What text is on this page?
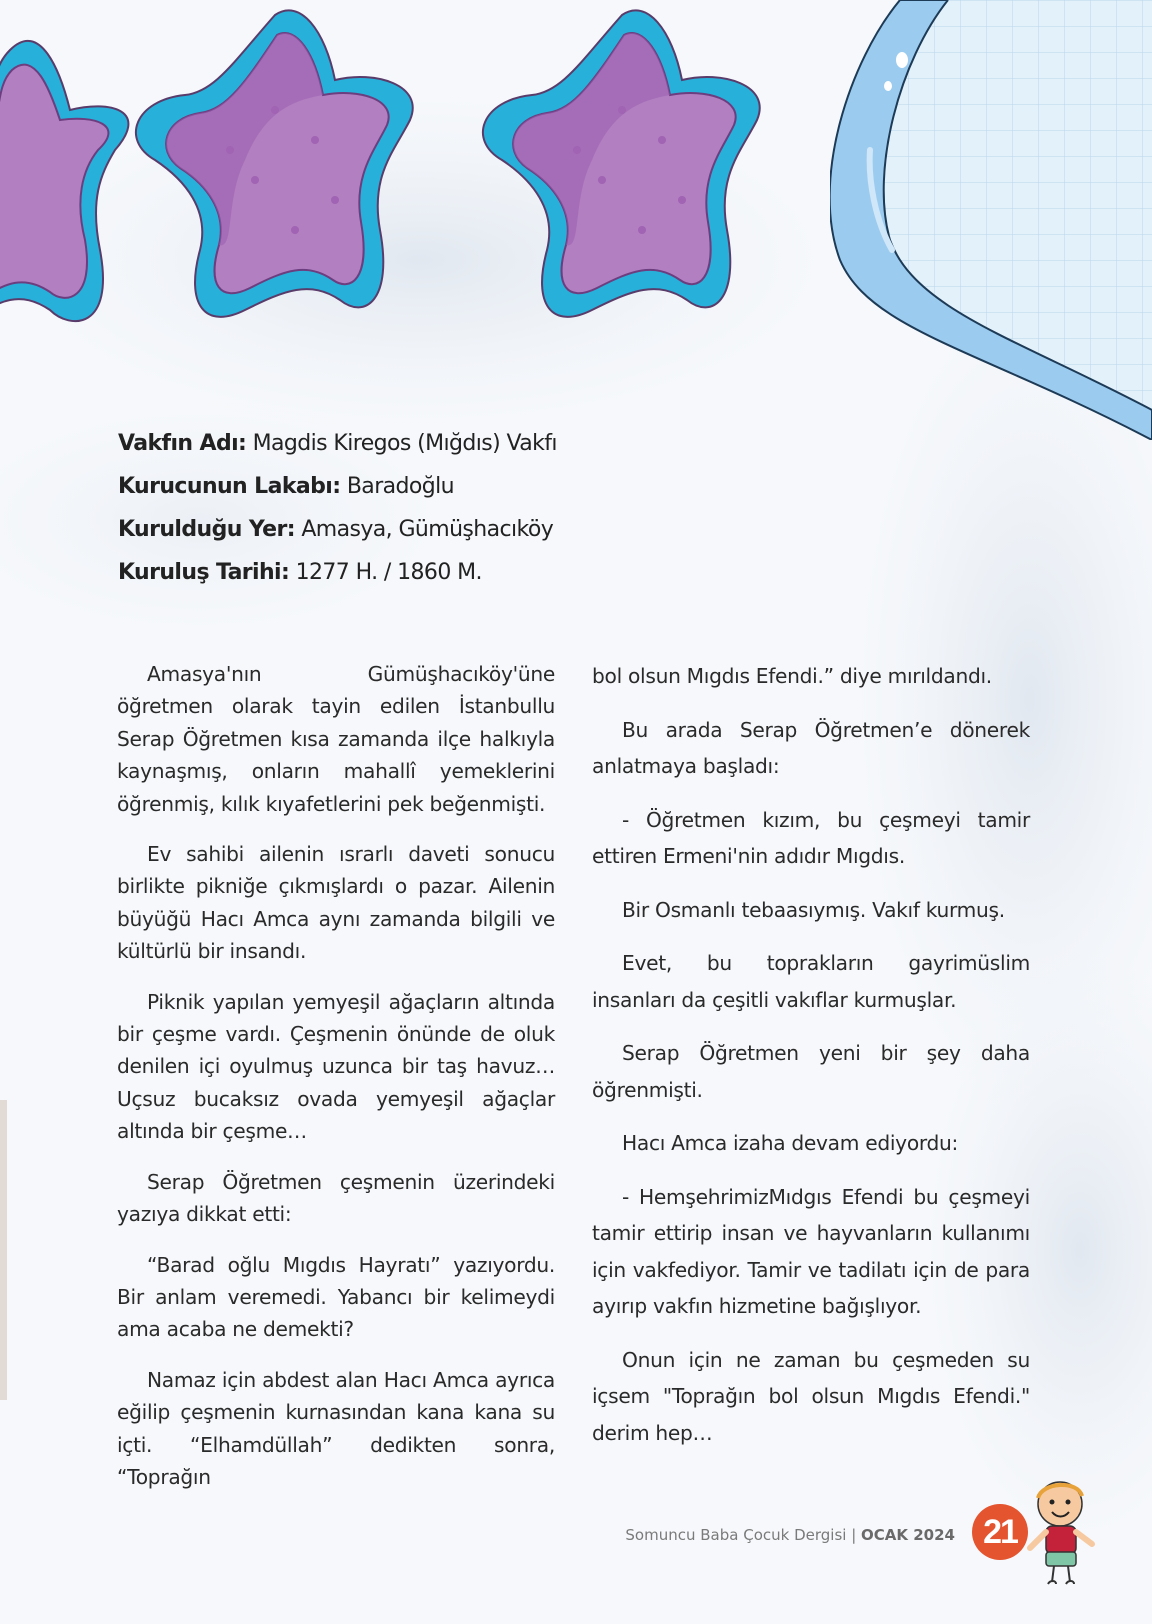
Vakfın Adı: Magdis Kiregos (Mığdıs) Vakfı
Kurucunun Lakabı: Baradoğlu
Kurulduğu Yer: Amasya, Gümüşhacıköy
Kuruluş Tarihi: 1277 H. / 1860 M.

Amasya'nın Gümüşhacıköy'üne öğretmen olarak tayin edilen İstanbullu Serap Öğretmen kısa zamanda ilçe halkıyla kaynaşmış, onların mahallî yemeklerini öğrenmiş, kılık kıyafetlerini pek beğenmişti.

Ev sahibi ailenin ısrarlı daveti sonucu birlikte pikniğe çıkmışlardı o pazar. Ailenin büyüğü Hacı Amca aynı zamanda bilgili ve kültürlü bir insandı.

Piknik yapılan yemyeşil ağaçların altında bir çeşme vardı. Çeşmenin önünde de oluk denilen içi oyulmuş uzunca bir taş havuz… Uçsuz bucaksız ovada yemyeşil ağaçlar altında bir çeşme…

Serap Öğretmen çeşmenin üzerindeki yazıya dikkat etti:

“Barad oğlu Mıgdıs Hayratı” yazıyordu. Bir anlam veremedi. Yabancı bir kelimeydi ama acaba ne demekti?

Namaz için abdest alan Hacı Amca ayrıca eğilip çeşmenin kurnasından kana kana su içti. “Elhamdüllah” dedikten sonra, “Toprağın

bol olsun Mıgdıs Efendi.” diye mırıldandı.

Bu arada Serap Öğretmen’e dönerek anlatmaya başladı:

- Öğretmen kızım, bu çeşmeyi tamir ettiren Ermeni'nin adıdır Mıgdıs.

Bir Osmanlı tebaasıymış. Vakıf kurmuş.

Evet, bu toprakların gayrimüslim insanları da çeşitli vakıflar kurmuşlar.

Serap Öğretmen yeni bir şey daha öğrenmişti.

Hacı Amca izaha devam ediyordu:

- HemşehrimizMıdgıs Efendi bu çeşmeyi tamir ettirip insan ve hayvanların kullanımı için vakfediyor. Tamir ve tadilatı için de para ayırıp vakfın hizmetine bağışlıyor.

Onun için ne zaman bu çeşmeden su içsem "Toprağın bol olsun Mıgdıs Efendi." derim hep…

Somuncu Baba Çocuk Dergisi | OCAK 2024 21
